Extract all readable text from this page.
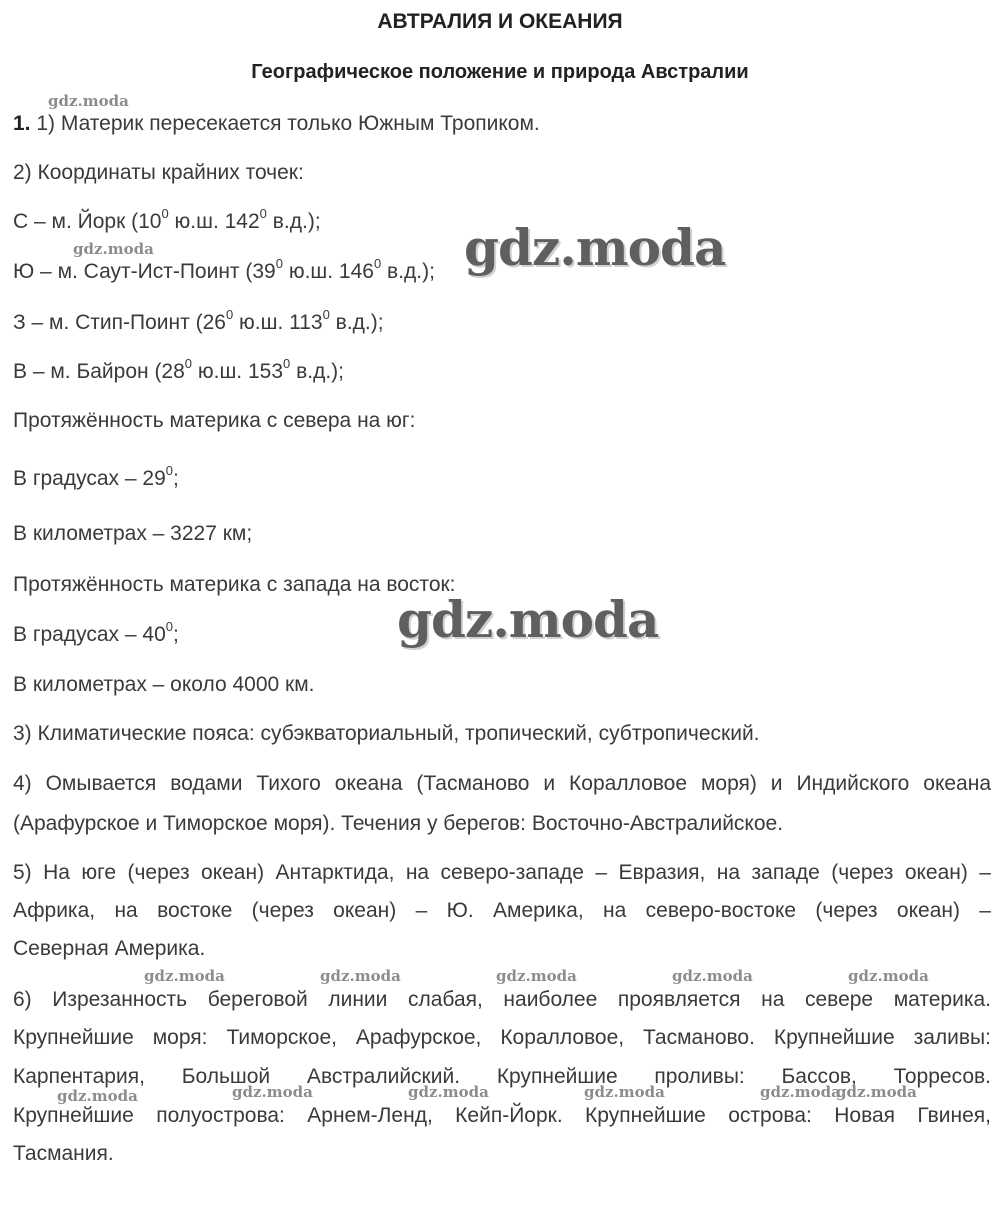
АВТРАЛИЯ И ОКЕАНИЯ
Географическое положение и природа Австралии
1. 1) Материк пересекается только Южным Тропиком.
2) Координаты крайних точек:
С – м. Йорк ($10^0$ ю.ш. $142^0$ в.д.);
Ю – м. Саут-Ист-Поинт ($39^0$ ю.ш. $146^0$ в.д.);
З – м. Стип-Поинт ($26^0$ ю.ш. $113^0$ в.д.);
В – м. Байрон ($28^0$ ю.ш. $153^0$ в.д.);
Протяжённость материка с севера на юг:
В градусах – $29^0$;
В километрах – 3227 км;
Протяжённость материка с запада на восток:
В градусах – $40^0$;
В километрах – около 4000 км.
3) Климатические пояса: субэкваториальный, тропический, субтропический.
4) Омывается водами Тихого океана (Тасманово и Коралловое моря) и Индийского океана
(Арафурское и Тиморское моря). Течения у берегов: Восточно-Австралийское.
5) На юге (через океан) Антарктида, на северо-западе – Евразия, на западе (через океан) –
Африка, на востоке (через океан) – Ю. Америка, на северо-востоке (через океан) –
Северная Америка.
6) Изрезанность береговой линии слабая, наиболее проявляется на севере материка.
Крупнейшие моря: Тиморское, Арафурское, Коралловое, Тасманово. Крупнейшие заливы:
Карпентария, Большой Австралийский. Крупнейшие проливы: Бассов, Торресов.
Крупнейшие полуострова: Арнем-Ленд, Кейп-Йорк. Крупнейшие острова: Новая Гвинея,
Тасмания.
gdz.moda
gdz.moda
gdz.moda
gdz.moda
gdz.moda	gdz.moda	gdz.moda	gdz.moda	gdz.moda
gdz.moda	gdz.moda	gdz.moda	gdz.moda	gdz.moda
gdz.moda
